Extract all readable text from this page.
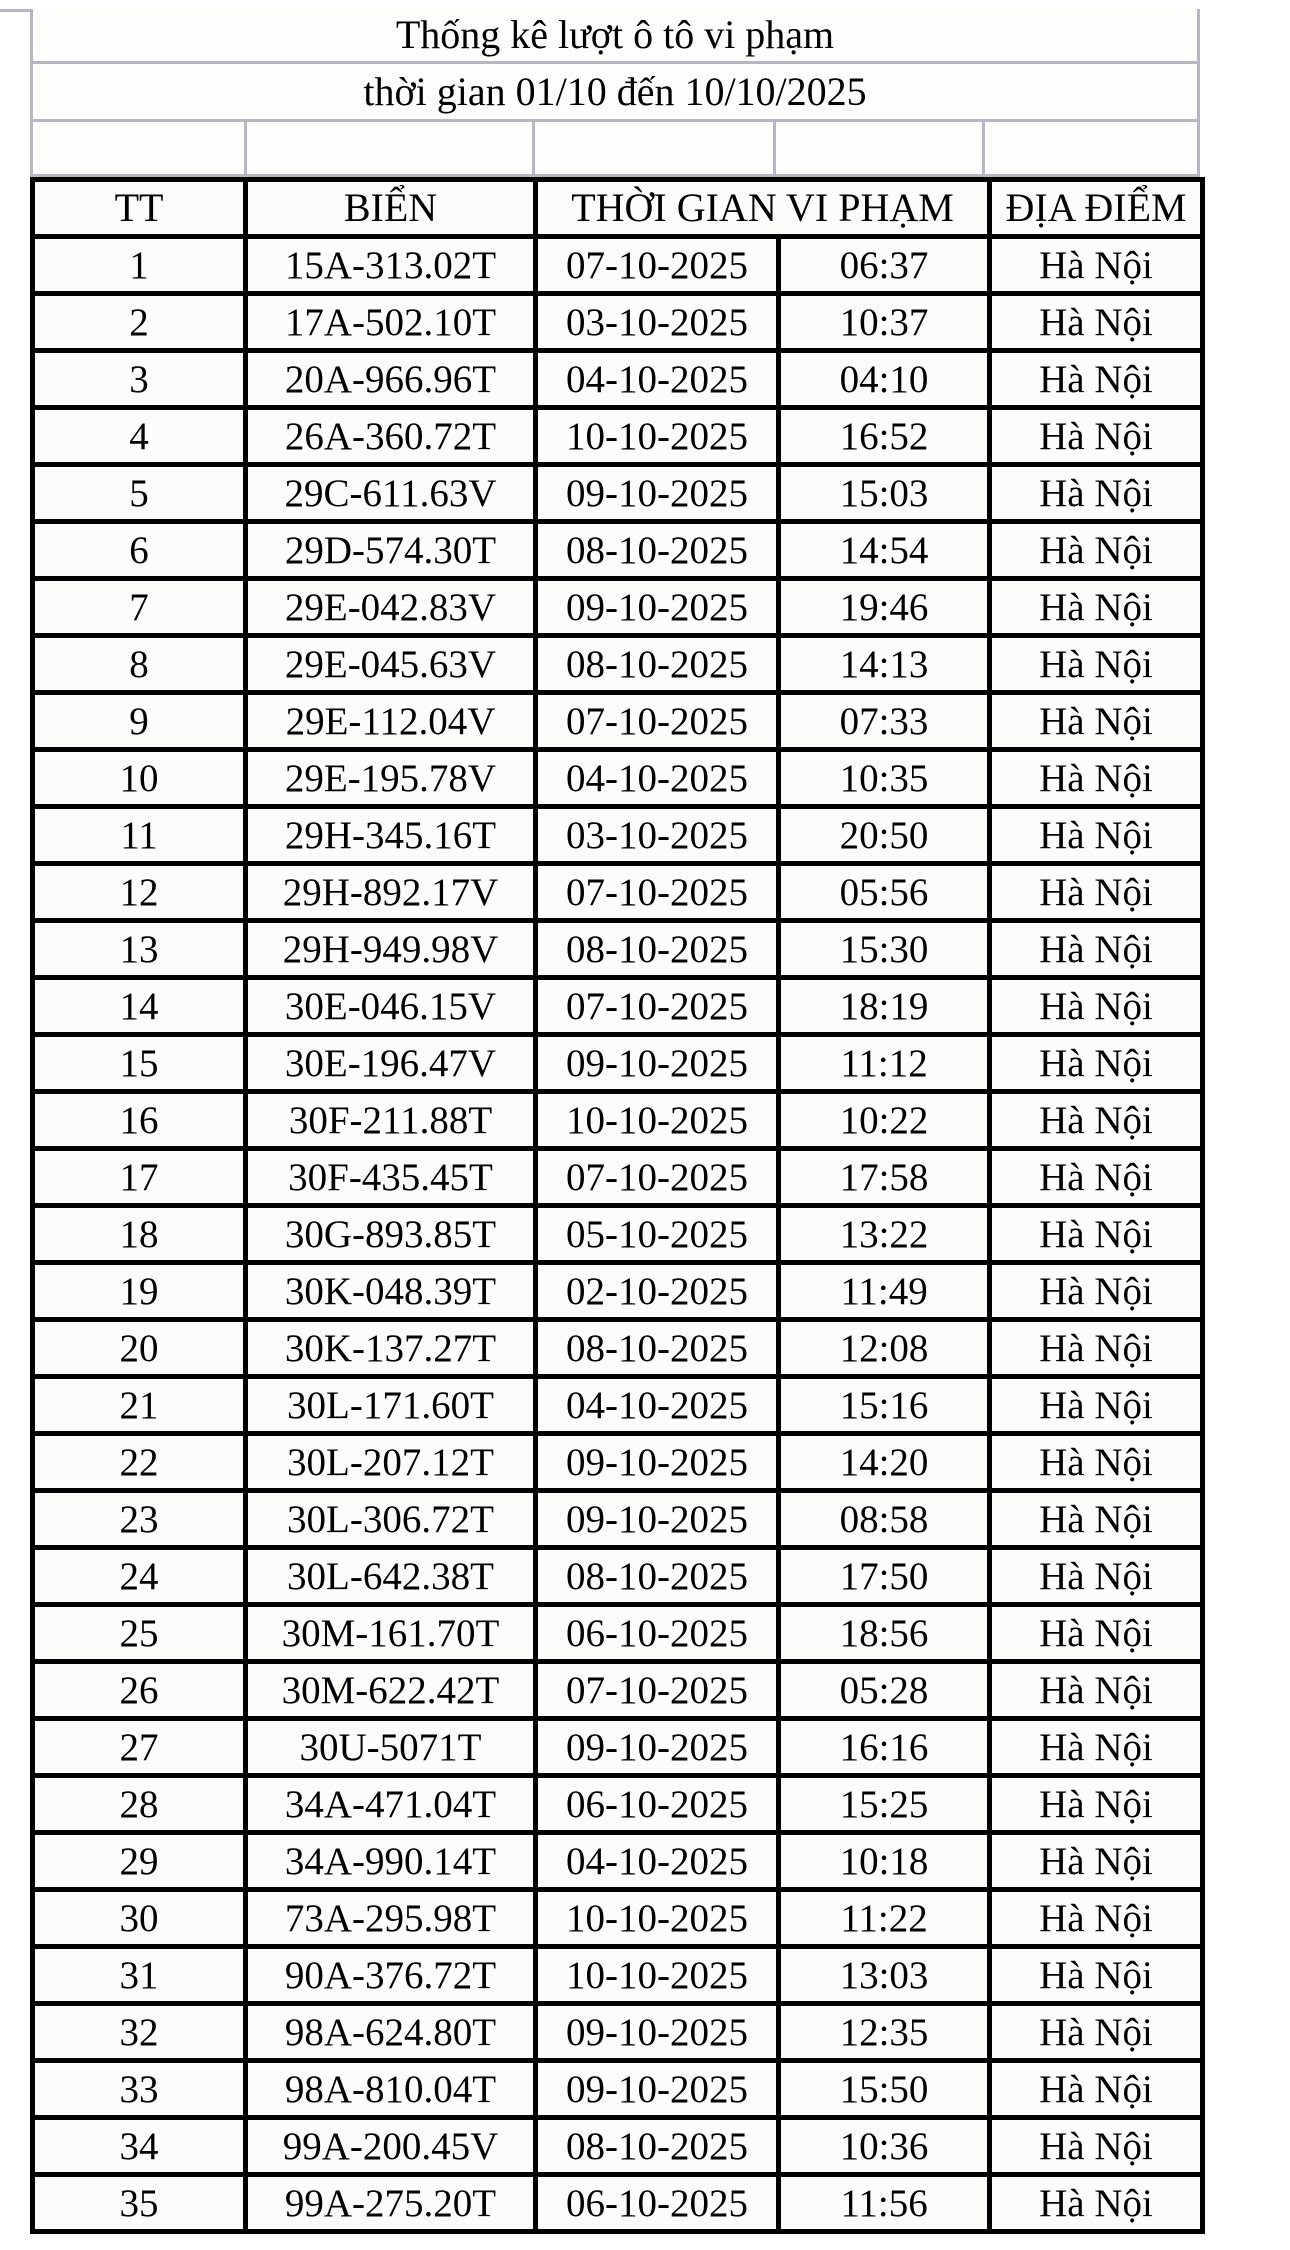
Thống kê lượt ô tô vi phạm
thời gian 01/10 đến 10/10/2025
TT	BIỂN	THỜI GIAN VI PHẠM		ĐỊA ĐIỂM
1	15A-313.02T	07-10-2025	06:37	Hà Nội
2	17A-502.10T	03-10-2025	10:37	Hà Nội
3	20A-966.96T	04-10-2025	04:10	Hà Nội
4	26A-360.72T	10-10-2025	16:52	Hà Nội
5	29C-611.63V	09-10-2025	15:03	Hà Nội
6	29D-574.30T	08-10-2025	14:54	Hà Nội
7	29E-042.83V	09-10-2025	19:46	Hà Nội
8	29E-045.63V	08-10-2025	14:13	Hà Nội
9	29E-112.04V	07-10-2025	07:33	Hà Nội
10	29E-195.78V	04-10-2025	10:35	Hà Nội
11	29H-345.16T	03-10-2025	20:50	Hà Nội
12	29H-892.17V	07-10-2025	05:56	Hà Nội
13	29H-949.98V	08-10-2025	15:30	Hà Nội
14	30E-046.15V	07-10-2025	18:19	Hà Nội
15	30E-196.47V	09-10-2025	11:12	Hà Nội
16	30F-211.88T	10-10-2025	10:22	Hà Nội
17	30F-435.45T	07-10-2025	17:58	Hà Nội
18	30G-893.85T	05-10-2025	13:22	Hà Nội
19	30K-048.39T	02-10-2025	11:49	Hà Nội
20	30K-137.27T	08-10-2025	12:08	Hà Nội
21	30L-171.60T	04-10-2025	15:16	Hà Nội
22	30L-207.12T	09-10-2025	14:20	Hà Nội
23	30L-306.72T	09-10-2025	08:58	Hà Nội
24	30L-642.38T	08-10-2025	17:50	Hà Nội
25	30M-161.70T	06-10-2025	18:56	Hà Nội
26	30M-622.42T	07-10-2025	05:28	Hà Nội
27	30U-5071T	09-10-2025	16:16	Hà Nội
28	34A-471.04T	06-10-2025	15:25	Hà Nội
29	34A-990.14T	04-10-2025	10:18	Hà Nội
30	73A-295.98T	10-10-2025	11:22	Hà Nội
31	90A-376.72T	10-10-2025	13:03	Hà Nội
32	98A-624.80T	09-10-2025	12:35	Hà Nội
33	98A-810.04T	09-10-2025	15:50	Hà Nội
34	99A-200.45V	08-10-2025	10:36	Hà Nội
35	99A-275.20T	06-10-2025	11:56	Hà Nội
